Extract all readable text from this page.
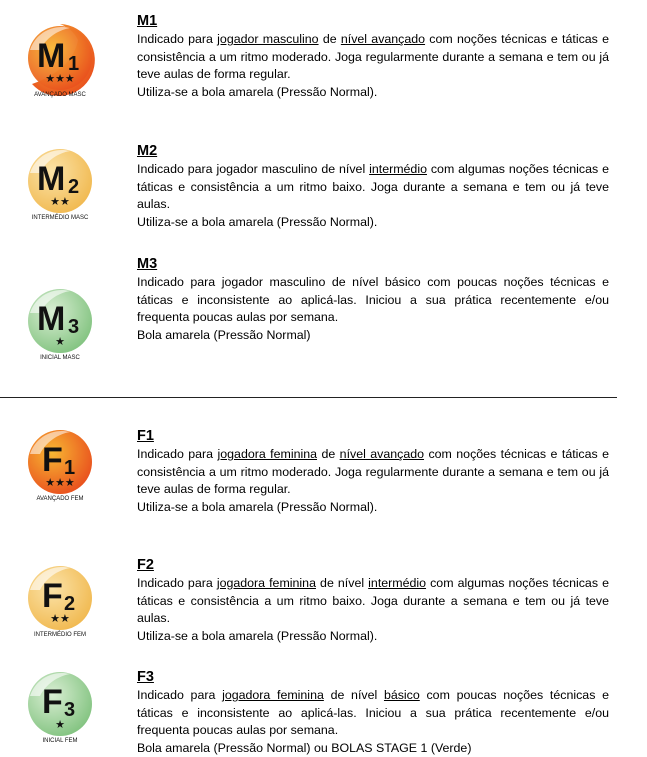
M 1
★★★
AVANÇADO MASC
M1

Indicado para jogador masculino de nível avançado com noções técnicas e táticas e consistência a um ritmo moderado. Joga regularmente durante a semana e tem ou já teve aulas de forma regular.

Utiliza-se a bola amarela (Pressão Normal).
M 2
★★
INTERMÉDIO MASC
M2

Indicado para jogador masculino de nível intermédio com algumas noções técnicas e táticas e consistência a um ritmo baixo. Joga durante a semana e tem ou já teve aulas.

Utiliza-se a bola amarela (Pressão Normal).
M 3
★
INICIAL MASC
M3

Indicado para jogador masculino de nível básico com poucas noções técnicas e táticas e inconsistente ao aplicá-las. Iniciou a sua prática recentemente e/ou frequenta poucas aulas por semana.

Bola amarela (Pressão Normal)
F 1
★★★
AVANÇADO FEM
F1

Indicado para jogadora feminina de nível avançado com noções técnicas e táticas e consistência a um ritmo moderado. Joga regularmente durante a semana e tem ou já teve aulas de forma regular.

Utiliza-se a bola amarela (Pressão Normal).
F 2
★★
INTERMÉDIO FEM
F2

Indicado para jogadora feminina de nível intermédio com algumas noções técnicas e táticas e consistência a um ritmo baixo. Joga durante a semana e tem ou já teve aulas.

Utiliza-se a bola amarela (Pressão Normal).
F 3
★
INICIAL FEM
F3

Indicado para jogadora feminina de nível básico com poucas noções técnicas e táticas e inconsistente ao aplicá-las. Iniciou a sua prática recentemente e/ou frequenta poucas aulas por semana.

Bola amarela (Pressão Normal) ou BOLAS STAGE 1 (Verde)
